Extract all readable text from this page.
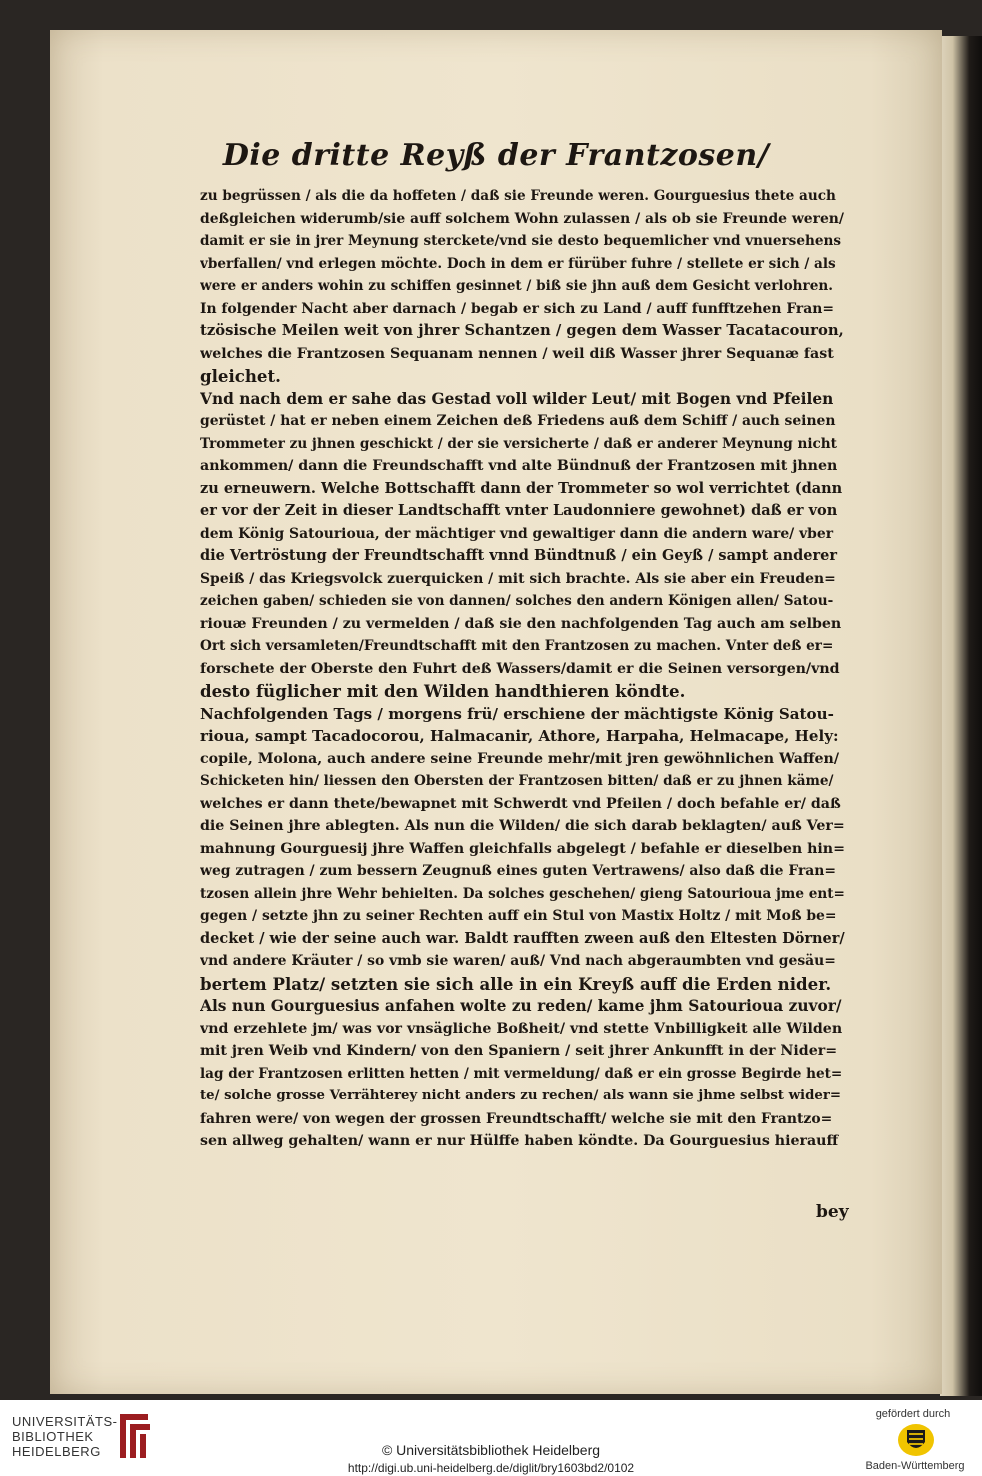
Die dritte Reyß der Frantzosen/
zu begrüssen / als die da hoffeten / daß sie Freunde weren. Gourguesius thete auch
deßgleichen widerumb/sie auff solchem Wohn zulassen / als ob sie Freunde weren/
damit er sie in jrer Meynung sterckete/vnd sie desto bequemlicher vnd vnuersehens
vberfallen/ vnd erlegen möchte. Doch in dem er fürüber fuhre / stellete er sich / als
were er anders wohin zu schiffen gesinnet / biß sie jhn auß dem Gesicht verlohren.
In folgender Nacht aber darnach / begab er sich zu Land / auff funfftzehen Fran=
tzösische Meilen weit von jhrer Schantzen / gegen dem Wasser Tacatacouron,
welches die Frantzosen Sequanam nennen / weil diß Wasser jhrer Sequanæ fast
gleichet.
Vnd nach dem er sahe das Gestad voll wilder Leut/ mit Bogen vnd Pfeilen
gerüstet / hat er neben einem Zeichen deß Friedens auß dem Schiff / auch seinen
Trommeter zu jhnen geschickt / der sie versicherte / daß er anderer Meynung nicht
ankommen/ dann die Freundschafft vnd alte Bündnuß der Frantzosen mit jhnen
zu erneuwern. Welche Bottschafft dann der Trommeter so wol verrichtet (dann
er vor der Zeit in dieser Landtschafft vnter Laudonniere gewohnet) daß er von
dem König Satourioua, der mächtiger vnd gewaltiger dann die andern ware/ vber
die Vertröstung der Freundtschafft vnnd Bündtnuß / ein Geyß / sampt anderer
Speiß / das Kriegsvolck zuerquicken / mit sich brachte. Als sie aber ein Freuden=
zeichen gaben/ schieden sie von dannen/ solches den andern Königen allen/ Satou-
riouæ Freunden / zu vermelden / daß sie den nachfolgenden Tag auch am selben
Ort sich versamleten/Freundtschafft mit den Frantzosen zu machen. Vnter deß er=
forschete der Oberste den Fuhrt deß Wassers/damit er die Seinen versorgen/vnd
desto füglicher mit den Wilden handthieren köndte.
Nachfolgenden Tags / morgens frü/ erschiene der mächtigste König Satou-
rioua, sampt Tacadocorou, Halmacanir, Athore, Harpaha, Helmacape, Hely:
copile, Molona, auch andere seine Freunde mehr/mit jren gewöhnlichen Waffen/
Schicketen hin/ liessen den Obersten der Frantzosen bitten/ daß er zu jhnen käme/
welches er dann thete/bewapnet mit Schwerdt vnd Pfeilen / doch befahle er/ daß
die Seinen jhre ablegten. Als nun die Wilden/ die sich darab beklagten/ auß Ver=
mahnung Gourguesij jhre Waffen gleichfalls abgelegt / befahle er dieselben hin=
weg zutragen / zum bessern Zeugnuß eines guten Vertrawens/ also daß die Fran=
tzosen allein jhre Wehr behielten. Da solches geschehen/ gieng Satourioua jme ent=
gegen / setzte jhn zu seiner Rechten auff ein Stul von Mastix Holtz / mit Moß be=
decket / wie der seine auch war. Baldt raufften zween auß den Eltesten Dörner/
vnd andere Kräuter / so vmb sie waren/ auß/ Vnd nach abgeraumbten vnd gesäu=
bertem Platz/ setzten sie sich alle in ein Kreyß auff die Erden nider.
Als nun Gourguesius anfahen wolte zu reden/ kame jhm Satourioua zuvor/
vnd erzehlete jm/ was vor vnsägliche Boßheit/ vnd stette Vnbilligkeit alle Wilden
mit jren Weib vnd Kindern/ von den Spaniern / seit jhrer Ankunfft in der Nider=
lag der Frantzosen erlitten hetten / mit vermeldung/ daß er ein grosse Begirde het=
te/ solche grosse Verrähterey nicht anders zu rechen/ als wann sie jhme selbst wider=
fahren were/ von wegen der grossen Freundtschafft/ welche sie mit den Frantzo=
sen allweg gehalten/ wann er nur Hülffe haben köndte. Da Gourguesius hierauff
bey
UNIVERSITÄTS-
BIBLIOTHEK
HEIDELBERG	© Universitätsbibliothek Heidelberg
http://digi.ub.uni-heidelberg.de/diglit/bry1603bd2/0102
gefördert durch
Baden-Württemberg
